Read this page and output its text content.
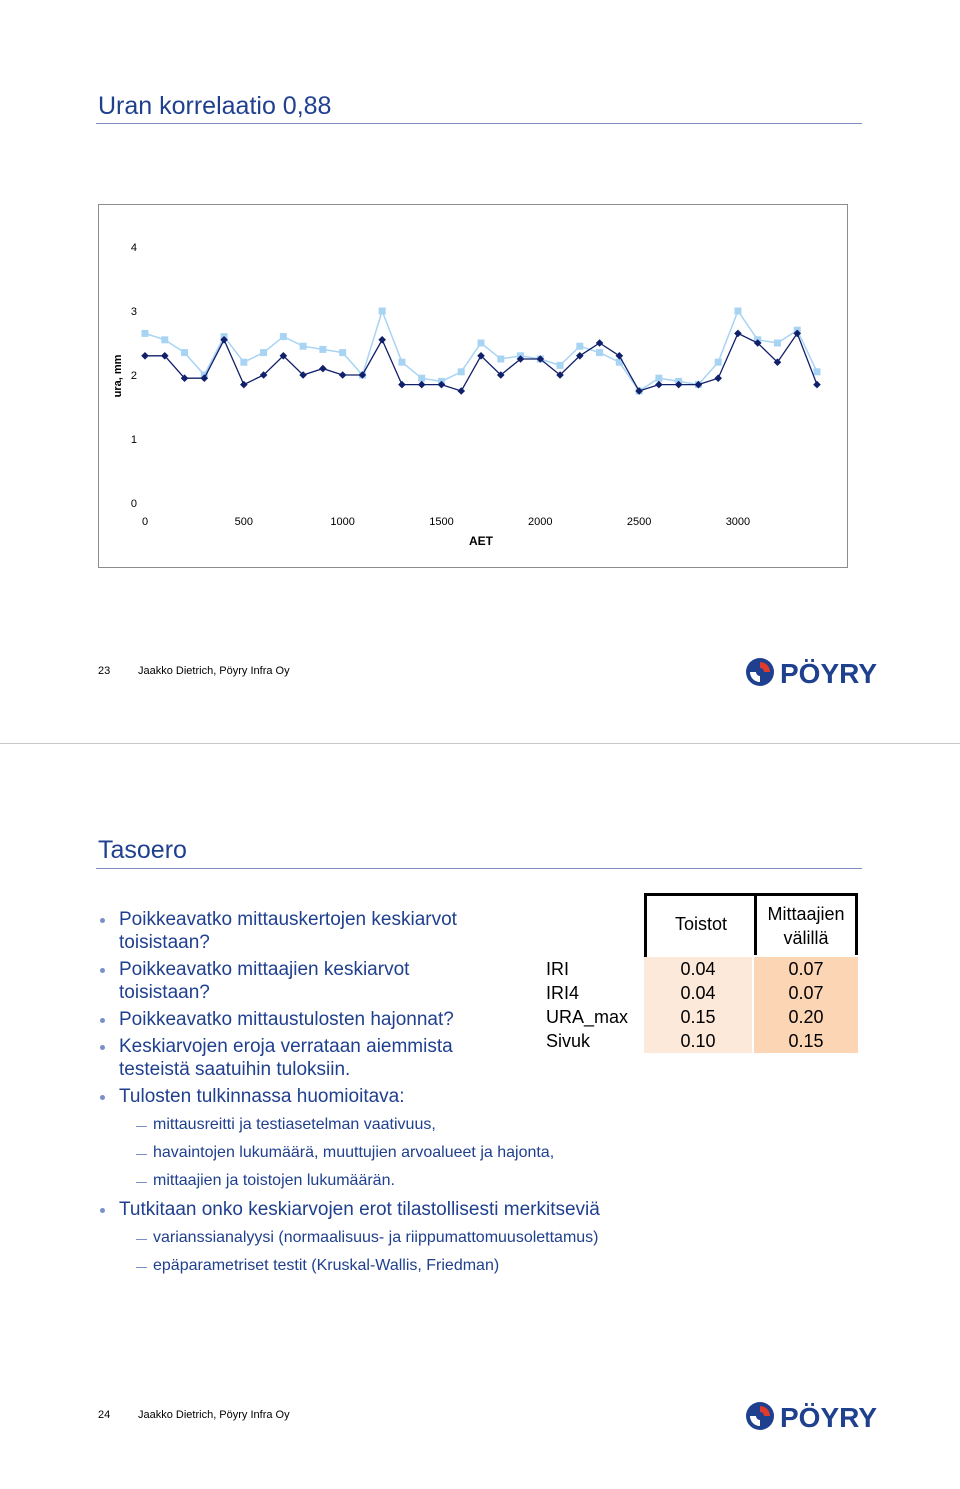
Uran korrelaatio 0,88
0
1
2
3
4
0	500	1000	1500	2000	2500	3000
ura, mm
AET
23	Jaakko Dietrich, Pöyry Infra Oy	PÖYRY
Tasoero
Poikkeavatko mittauskertojen keskiarvot toisistaan?
Poikkeavatko mittaajien keskiarvot toisistaan?
Poikkeavatko mittaustulosten hajonnat?
Keskiarvojen eroja verrataan aiemmista testeistä saatuihin tuloksiin.
Tulosten tulkinnassa huomioitava:
mittausreitti ja testiasetelman vaativuus,
havaintojen lukumäärä, muuttujien arvoalueet ja hajonta,
mittaajien ja toistojen lukumäärän.
Tutkitaan onko keskiarvojen erot tilastollisesti merkitseviä
varianssianalyysi (normaalisuus- ja riippumattomuusolettamus)
epäparametriset testit (Kruskal-Wallis, Friedman)
Toistot	Mittaajien välillä
IRI	0.04	0.07
IRI4	0.04	0.07
URA_max	0.15	0.20
Sivuk	0.10	0.15
24	Jaakko Dietrich, Pöyry Infra Oy	PÖYRY
